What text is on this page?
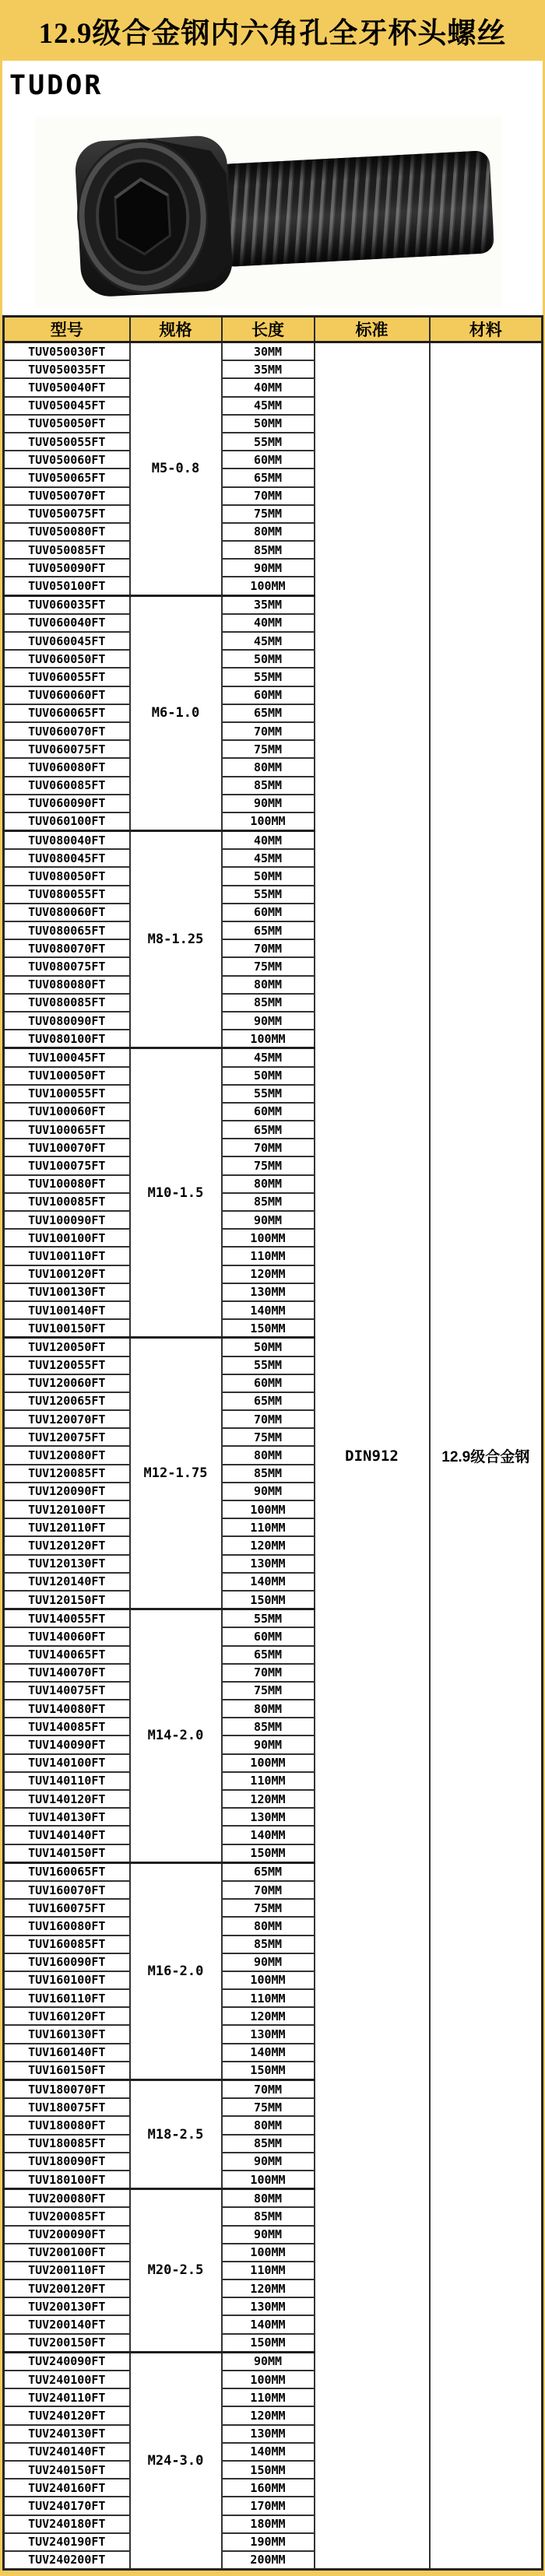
12.9级合金钢内六角孔全牙杯头螺丝
TUDOR
型号	规格	长度	标准	材料
TUV050030FT	M5-0.8	30MM	DIN912	12.9级合金钢
TUV050035FT		35MM		
TUV050040FT		40MM		
TUV050045FT		45MM		
TUV050050FT		50MM		
TUV050055FT		55MM		
TUV050060FT		60MM		
TUV050065FT		65MM		
TUV050070FT		70MM		
TUV050075FT		75MM		
TUV050080FT		80MM		
TUV050085FT		85MM		
TUV050090FT		90MM		
TUV050100FT		100MM		
TUV060035FT	M6-1.0	35MM		
TUV060040FT		40MM		
TUV060045FT		45MM		
TUV060050FT		50MM		
TUV060055FT		55MM		
TUV060060FT		60MM		
TUV060065FT		65MM		
TUV060070FT		70MM		
TUV060075FT		75MM		
TUV060080FT		80MM		
TUV060085FT		85MM		
TUV060090FT		90MM		
TUV060100FT		100MM		
TUV080040FT	M8-1.25	40MM		
TUV080045FT		45MM		
TUV080050FT		50MM		
TUV080055FT		55MM		
TUV080060FT		60MM		
TUV080065FT		65MM		
TUV080070FT		70MM		
TUV080075FT		75MM		
TUV080080FT		80MM		
TUV080085FT		85MM		
TUV080090FT		90MM		
TUV080100FT		100MM		
TUV100045FT	M10-1.5	45MM		
TUV100050FT		50MM		
TUV100055FT		55MM		
TUV100060FT		60MM		
TUV100065FT		65MM		
TUV100070FT		70MM		
TUV100075FT		75MM		
TUV100080FT		80MM		
TUV100085FT		85MM		
TUV100090FT		90MM		
TUV100100FT		100MM		
TUV100110FT		110MM		
TUV100120FT		120MM		
TUV100130FT		130MM		
TUV100140FT		140MM		
TUV100150FT		150MM		
TUV120050FT	M12-1.75	50MM		
TUV120055FT		55MM		
TUV120060FT		60MM		
TUV120065FT		65MM		
TUV120070FT		70MM		
TUV120075FT		75MM		
TUV120080FT		80MM		
TUV120085FT		85MM		
TUV120090FT		90MM		
TUV120100FT		100MM		
TUV120110FT		110MM		
TUV120120FT		120MM		
TUV120130FT		130MM		
TUV120140FT		140MM		
TUV120150FT		150MM		
TUV140055FT	M14-2.0	55MM		
TUV140060FT		60MM		
TUV140065FT		65MM		
TUV140070FT		70MM		
TUV140075FT		75MM		
TUV140080FT		80MM		
TUV140085FT		85MM		
TUV140090FT		90MM		
TUV140100FT		100MM		
TUV140110FT		110MM		
TUV140120FT		120MM		
TUV140130FT		130MM		
TUV140140FT		140MM		
TUV140150FT		150MM		
TUV160065FT	M16-2.0	65MM		
TUV160070FT		70MM		
TUV160075FT		75MM		
TUV160080FT		80MM		
TUV160085FT		85MM		
TUV160090FT		90MM		
TUV160100FT		100MM		
TUV160110FT		110MM		
TUV160120FT		120MM		
TUV160130FT		130MM		
TUV160140FT		140MM		
TUV160150FT		150MM		
TUV180070FT	M18-2.5	70MM		
TUV180075FT		75MM		
TUV180080FT		80MM		
TUV180085FT		85MM		
TUV180090FT		90MM		
TUV180100FT		100MM		
TUV200080FT	M20-2.5	80MM		
TUV200085FT		85MM		
TUV200090FT		90MM		
TUV200100FT		100MM		
TUV200110FT		110MM		
TUV200120FT		120MM		
TUV200130FT		130MM		
TUV200140FT		140MM		
TUV200150FT		150MM		
TUV240090FT	M24-3.0	90MM		
TUV240100FT		100MM		
TUV240110FT		110MM		
TUV240120FT		120MM		
TUV240130FT		130MM		
TUV240140FT		140MM		
TUV240150FT		150MM		
TUV240160FT		160MM		
TUV240170FT		170MM		
TUV240180FT		180MM		
TUV240190FT		190MM		
TUV240200FT		200MM		
